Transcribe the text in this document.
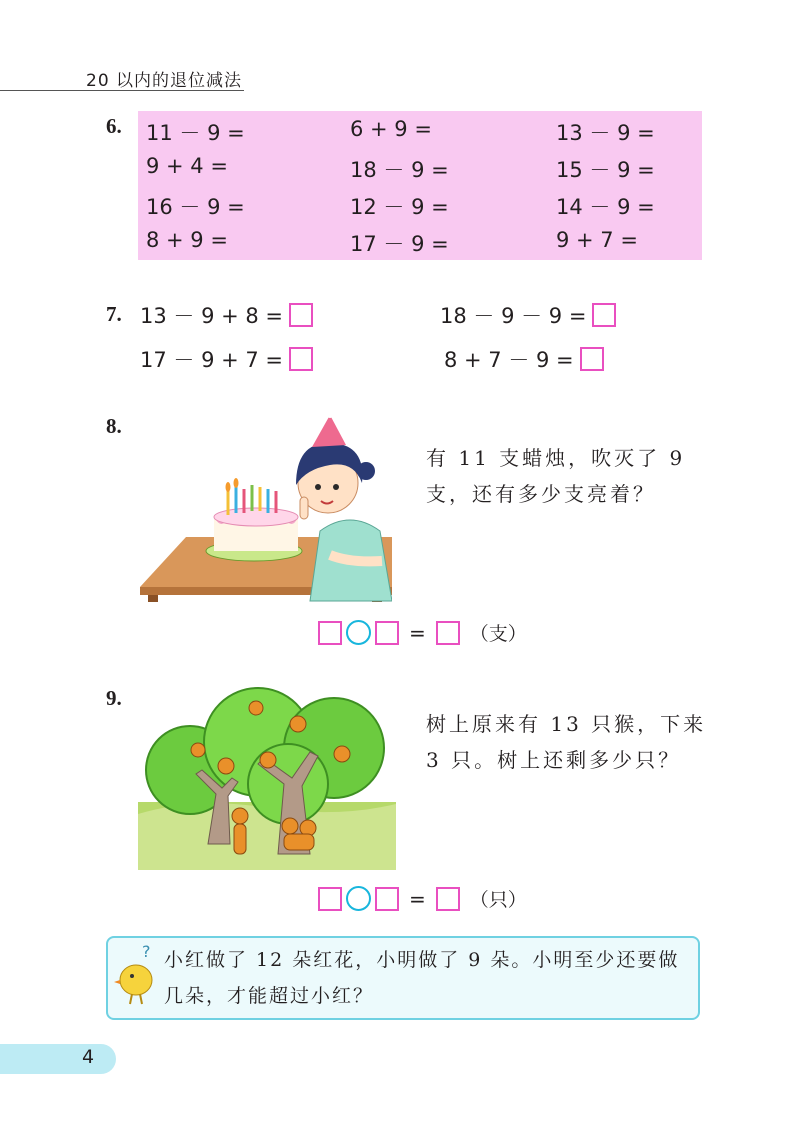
20 以内的退位减法
6. 11 － 9 =	6 + 9 =	13 － 9 =
9 + 4 =	18 － 9 =	15 － 9 =
16 － 9 =	12 － 9 =	14 － 9 =
8 + 9 =	17 － 9 =	9 + 7 =
7. 13 － 9 + 8 =	18 － 9 － 9 =
17 － 9 + 7 =	8 + 7 － 9 =
8.
有 11 支蜡烛，吹灭了 9
支，还有多少支亮着？
= （支）
9.
树上原来有 13 只猴，下来
3 只。树上还剩多少只？
= （只）
? 小红做了 12 朵红花，小明做了 9 朵。小明至少还要做
几朵，才能超过小红？
4
